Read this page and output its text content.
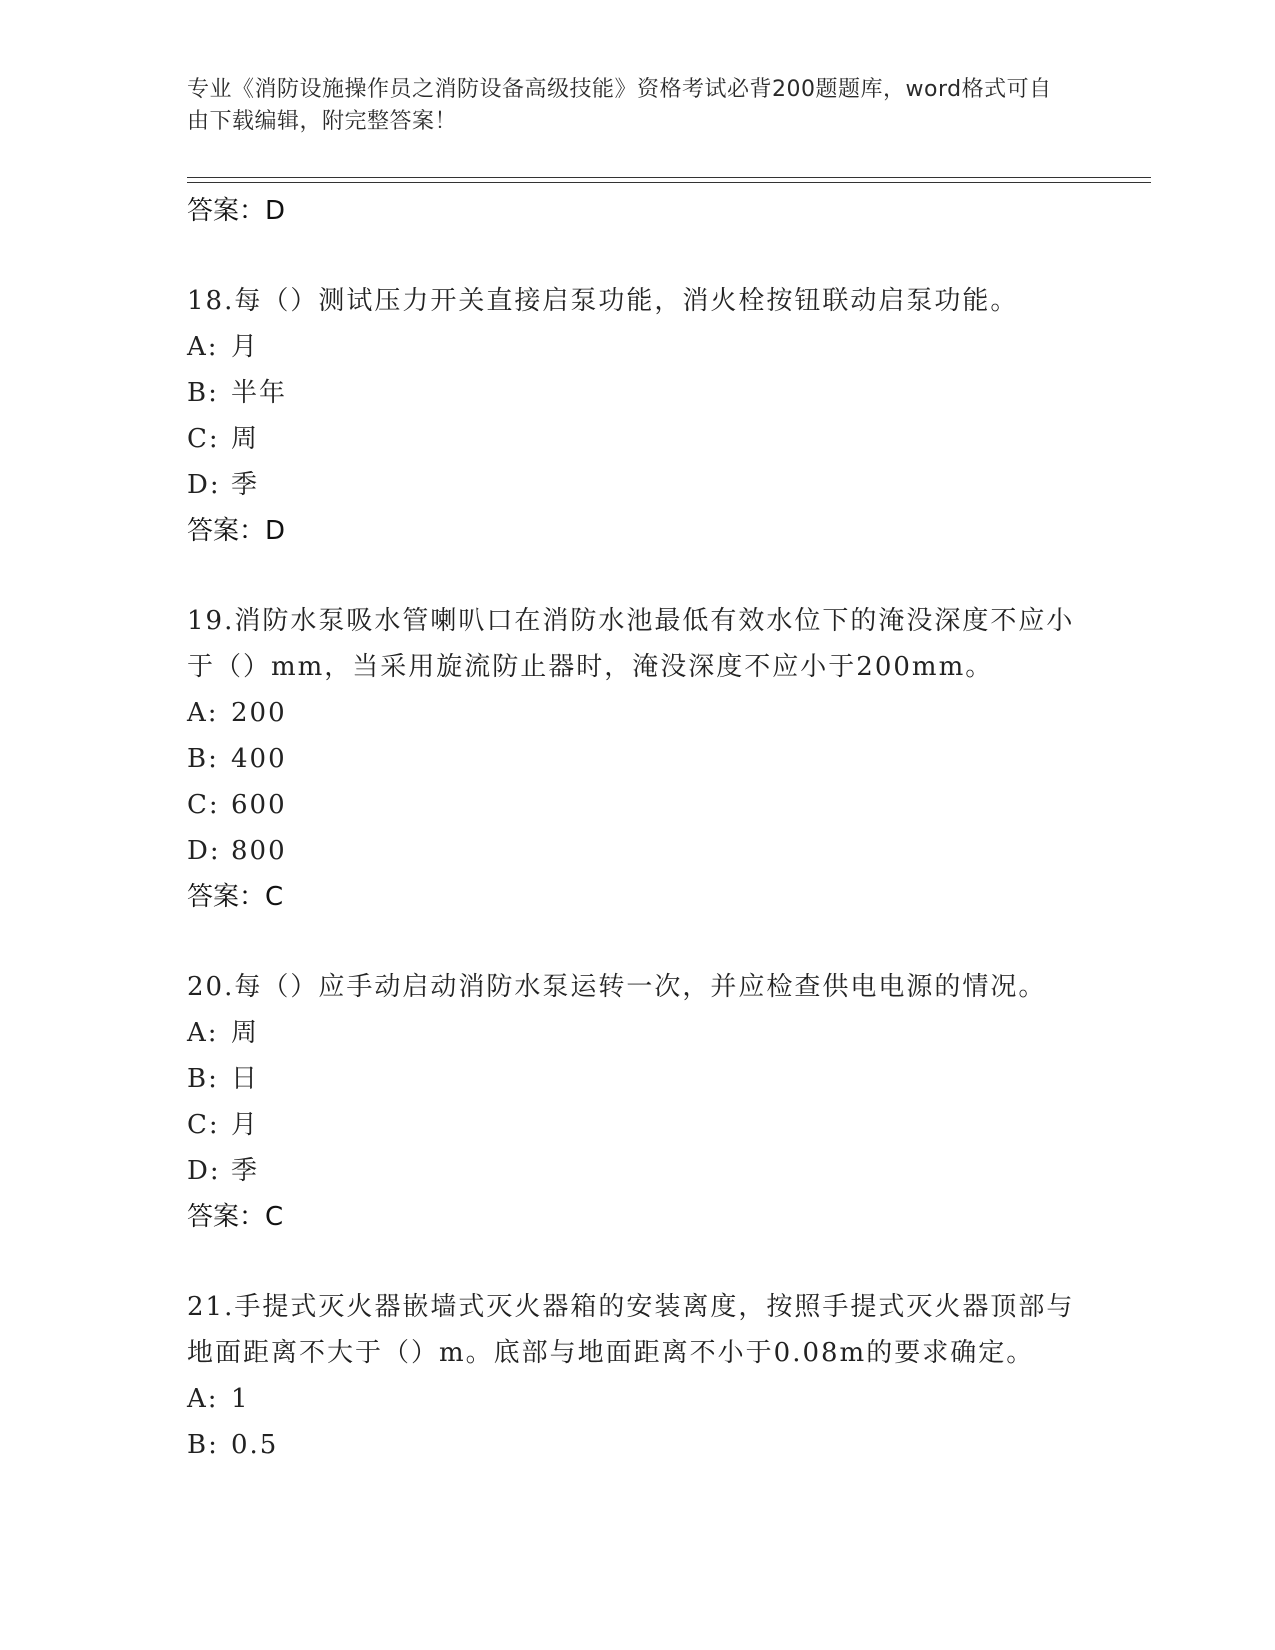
专业《消防设施操作员之消防设备高级技能》资格考试必背200题题库，word格式可自由下载编辑，附完整答案！
答案：D
18.每（）测试压力开关直接启泵功能，消火栓按钮联动启泵功能。
A: 月
B: 半年
C: 周
D: 季
答案：D
19.消防水泵吸水管喇叭口在消防水池最低有效水位下的淹没深度不应小于（）mm，当采用旋流防止器时，淹没深度不应小于200mm。
A: 200
B: 400
C: 600
D: 800
答案：C
20.每（）应手动启动消防水泵运转一次，并应检查供电电源的情况。
A: 周
B: 日
C: 月
D: 季
答案：C
21.手提式灭火器嵌墙式灭火器箱的安装离度，按照手提式灭火器顶部与地面距离不大于（）m。底部与地面距离不小于0.08m的要求确定。
A: 1
B: 0.5
